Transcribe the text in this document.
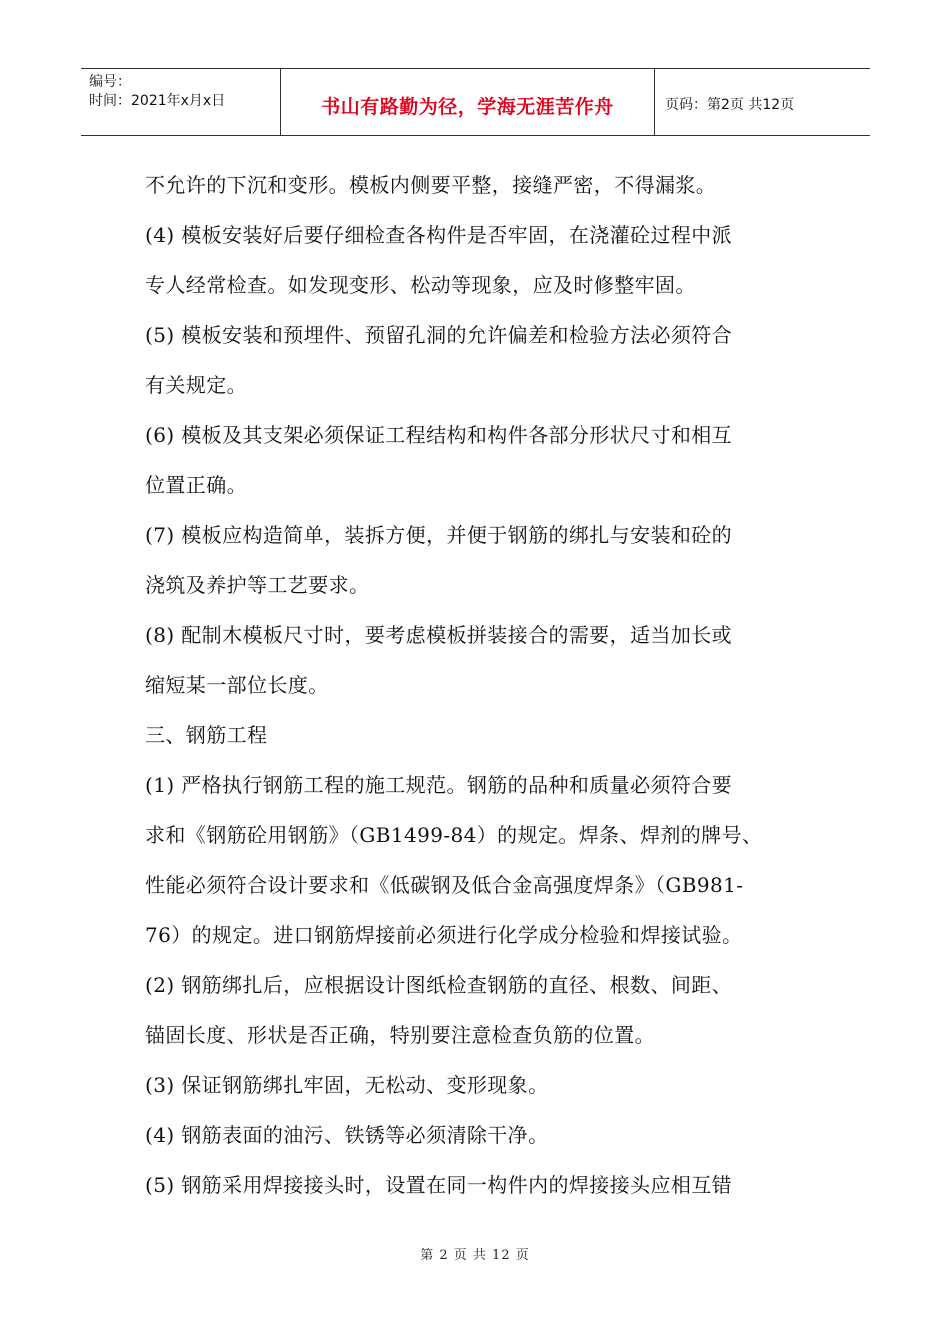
编号：
时间：2021年x月x日	书山有路勤为径，学海无涯苦作舟	页码：第2页 共12页
不允许的下沉和变形。模板内侧要平整，接缝严密，不得漏浆。
(4) 模板安装好后要仔细检查各构件是否牢固，在浇灌砼过程中派
专人经常检查。如发现变形、松动等现象，应及时修整牢固。
(5) 模板安装和预埋件、预留孔洞的允许偏差和检验方法必须符合
有关规定。
(6) 模板及其支架必须保证工程结构和构件各部分形状尺寸和相互
位置正确。
(7) 模板应构造简单，装拆方便，并便于钢筋的绑扎与安装和砼的
浇筑及养护等工艺要求。
(8) 配制木模板尺寸时，要考虑模板拼装接合的需要，适当加长或
缩短某一部位长度。
三、钢筋工程
(1) 严格执行钢筋工程的施工规范。钢筋的品种和质量必须符合要
求和《钢筋砼用钢筋》（GB1499-84）的规定。焊条、焊剂的牌号、
性能必须符合设计要求和《低碳钢及低合金高强度焊条》（GB981-
76）的规定。进口钢筋焊接前必须进行化学成分检验和焊接试验。
(2) 钢筋绑扎后，应根据设计图纸检查钢筋的直径、根数、间距、
锚固长度、形状是否正确，特别要注意检查负筋的位置。
(3) 保证钢筋绑扎牢固，无松动、变形现象。
(4) 钢筋表面的油污、铁锈等必须清除干净。
(5) 钢筋采用焊接接头时，设置在同一构件内的焊接接头应相互错
第 2 页 共 12 页
